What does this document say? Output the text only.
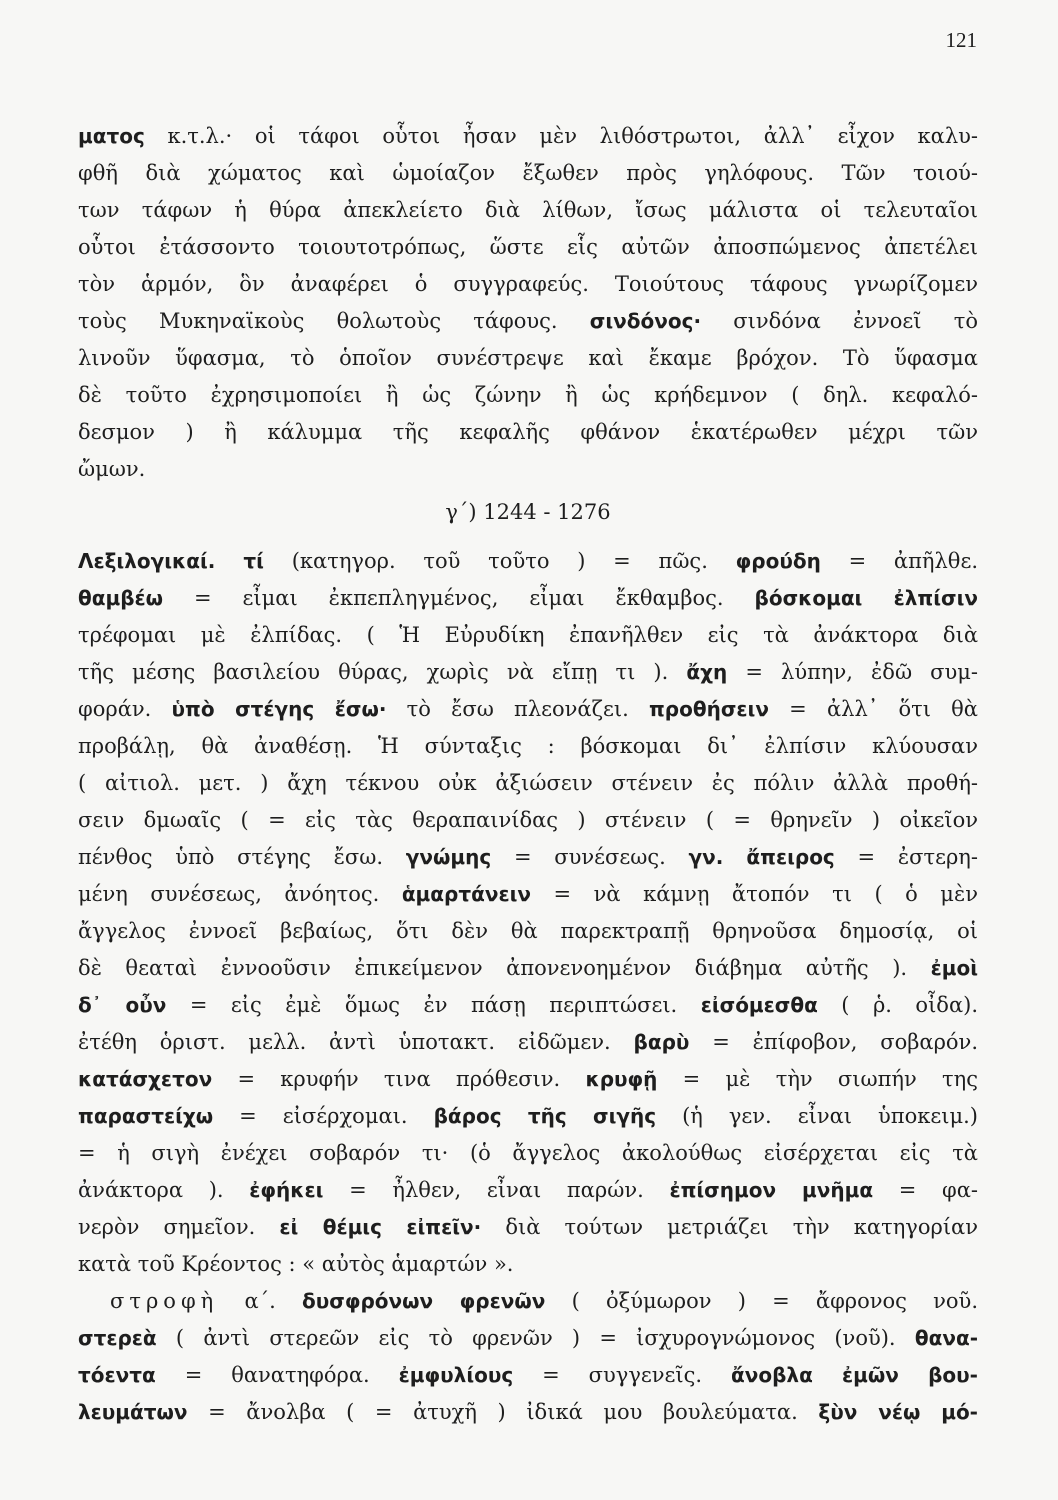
121
ματος κ.τ.λ.· οἱ τάφοι οὗτοι ἦσαν μὲν λιθόστρωτοι, ἀλλ᾽ εἶχον καλυ-
φθῆ διὰ χώματος καὶ ὡμοίαζον ἔξωθεν πρὸς γηλόφους. Τῶν τοιού-
των τάφων ἡ θύρα ἀπεκλείετο διὰ λίθων, ἴσως μάλιστα οἱ τελευταῖοι
οὗτοι ἐτάσσοντο τοιουτοτρόπως, ὥστε εἷς αὐτῶν ἀποσπώμενος ἀπετέλει
τὸν ἁρμόν, ὃν ἀναφέρει ὁ συγγραφεύς. Τοιούτους τάφους γνωρίζομεν
τοὺς Μυκηναϊκοὺς θολωτοὺς τάφους. σινδόνος· σινδόνα ἐννοεῖ τὸ
λινοῦν ὕφασμα, τὸ ὁποῖον συνέστρεψε καὶ ἔκαμε βρόχον. Τὸ ὕφασμα
δὲ τοῦτο ἐχρησιμοποίει ἢ ὡς ζώνην ἢ ὡς κρήδεμνον ( δηλ. κεφαλό-
δεσμον ) ἢ κάλυμμα τῆς κεφαλῆς φθάνον ἑκατέρωθεν μέχρι τῶν
ὤμων.
γ΄) 1244 - 1276
Λεξιλογικαί. τί (κατηγορ. τοῦ τοῦτο ) = πῶς. φρούδη = ἀπῆλθε.
θαμβέω = εἶμαι ἐκπεπληγμένος, εἶμαι ἔκθαμβος. βόσκομαι ἐλπίσιν
τρέφομαι μὲ ἐλπίδας. ( Ἡ Εὐρυδίκη ἐπανῆλθεν εἰς τὰ ἀνάκτορα διὰ
τῆς μέσης βασιλείου θύρας, χωρὶς νὰ εἴπῃ τι ). ἄχη = λύπην, ἐδῶ συμ-
φοράν. ὑπὸ στέγης ἔσω· τὸ ἔσω πλεονάζει. προθήσειν = ἀλλ᾽ ὅτι θὰ
προβάλῃ, θὰ ἀναθέσῃ. Ἡ σύνταξις : βόσκομαι δι᾽ ἐλπίσιν κλύουσαν
( αἰτιολ. μετ. ) ἄχη τέκνου οὐκ ἀξιώσειν στένειν ἐς πόλιν ἀλλὰ προθή-
σειν δμωαῖς ( = εἰς τὰς θεραπαινίδας ) στένειν ( = θρηνεῖν ) οἰκεῖον
πένθος ὑπὸ στέγης ἔσω. γνώμης = συνέσεως. γν. ἄπειρος = ἐστερη-
μένη συνέσεως, ἀνόητος. ἁμαρτάνειν = νὰ κάμνῃ ἄτοπόν τι ( ὁ μὲν
ἄγγελος ἐννοεῖ βεβαίως, ὅτι δὲν θὰ παρεκτραπῇ θρηνοῦσα δημοσίᾳ, οἱ
δὲ θεαταὶ ἐννοοῦσιν ἐπικείμενον ἀπονενοημένον διάβημα αὐτῆς ). ἐμοὶ
δ᾽ οὖν = εἰς ἐμὲ ὅμως ἐν πάσῃ περιπτώσει. εἰσόμεσθα ( ῥ. οἶδα).
ἐτέθη ὁριστ. μελλ. ἀντὶ ὑποτακτ. εἰδῶμεν. βαρὺ = ἐπίφοβον, σοβαρόν.
κατάσχετον = κρυφήν τινα πρόθεσιν. κρυφῇ = μὲ τὴν σιωπήν της
παραστείχω = εἰσέρχομαι. βάρος τῆς σιγῆς (ἡ γεν. εἶναι ὑποκειμ.)
= ἡ σιγὴ ἐνέχει σοβαρόν τι· (ὁ ἄγγελος ἀκολούθως εἰσέρχεται εἰς τὰ
ἀνάκτορα ). ἐφήκει = ἦλθεν, εἶναι παρών. ἐπίσημον μνῆμα = φα-
νερὸν σημεῖον. εἰ θέμις εἰπεῖν· διὰ τούτων μετριάζει τὴν κατηγορίαν
κατὰ τοῦ Κρέοντος : « αὐτὸς ἁμαρτών ».
στροφὴ α΄. δυσφρόνων φρενῶν ( ὀξύμωρον ) = ἄφρονος νοῦ.
στερεὰ ( ἀντὶ στερεῶν εἰς τὸ φρενῶν ) = ἰσχυρογνώμονος (νοῦ). θανα-
τόεντα = θανατηφόρα. ἐμφυλίους = συγγενεῖς. ἄνοβλα ἐμῶν βου-
λευμάτων = ἄνολβα ( = ἀτυχῆ ) ἰδικά μου βουλεύματα. ξὺν νέῳ μό-
